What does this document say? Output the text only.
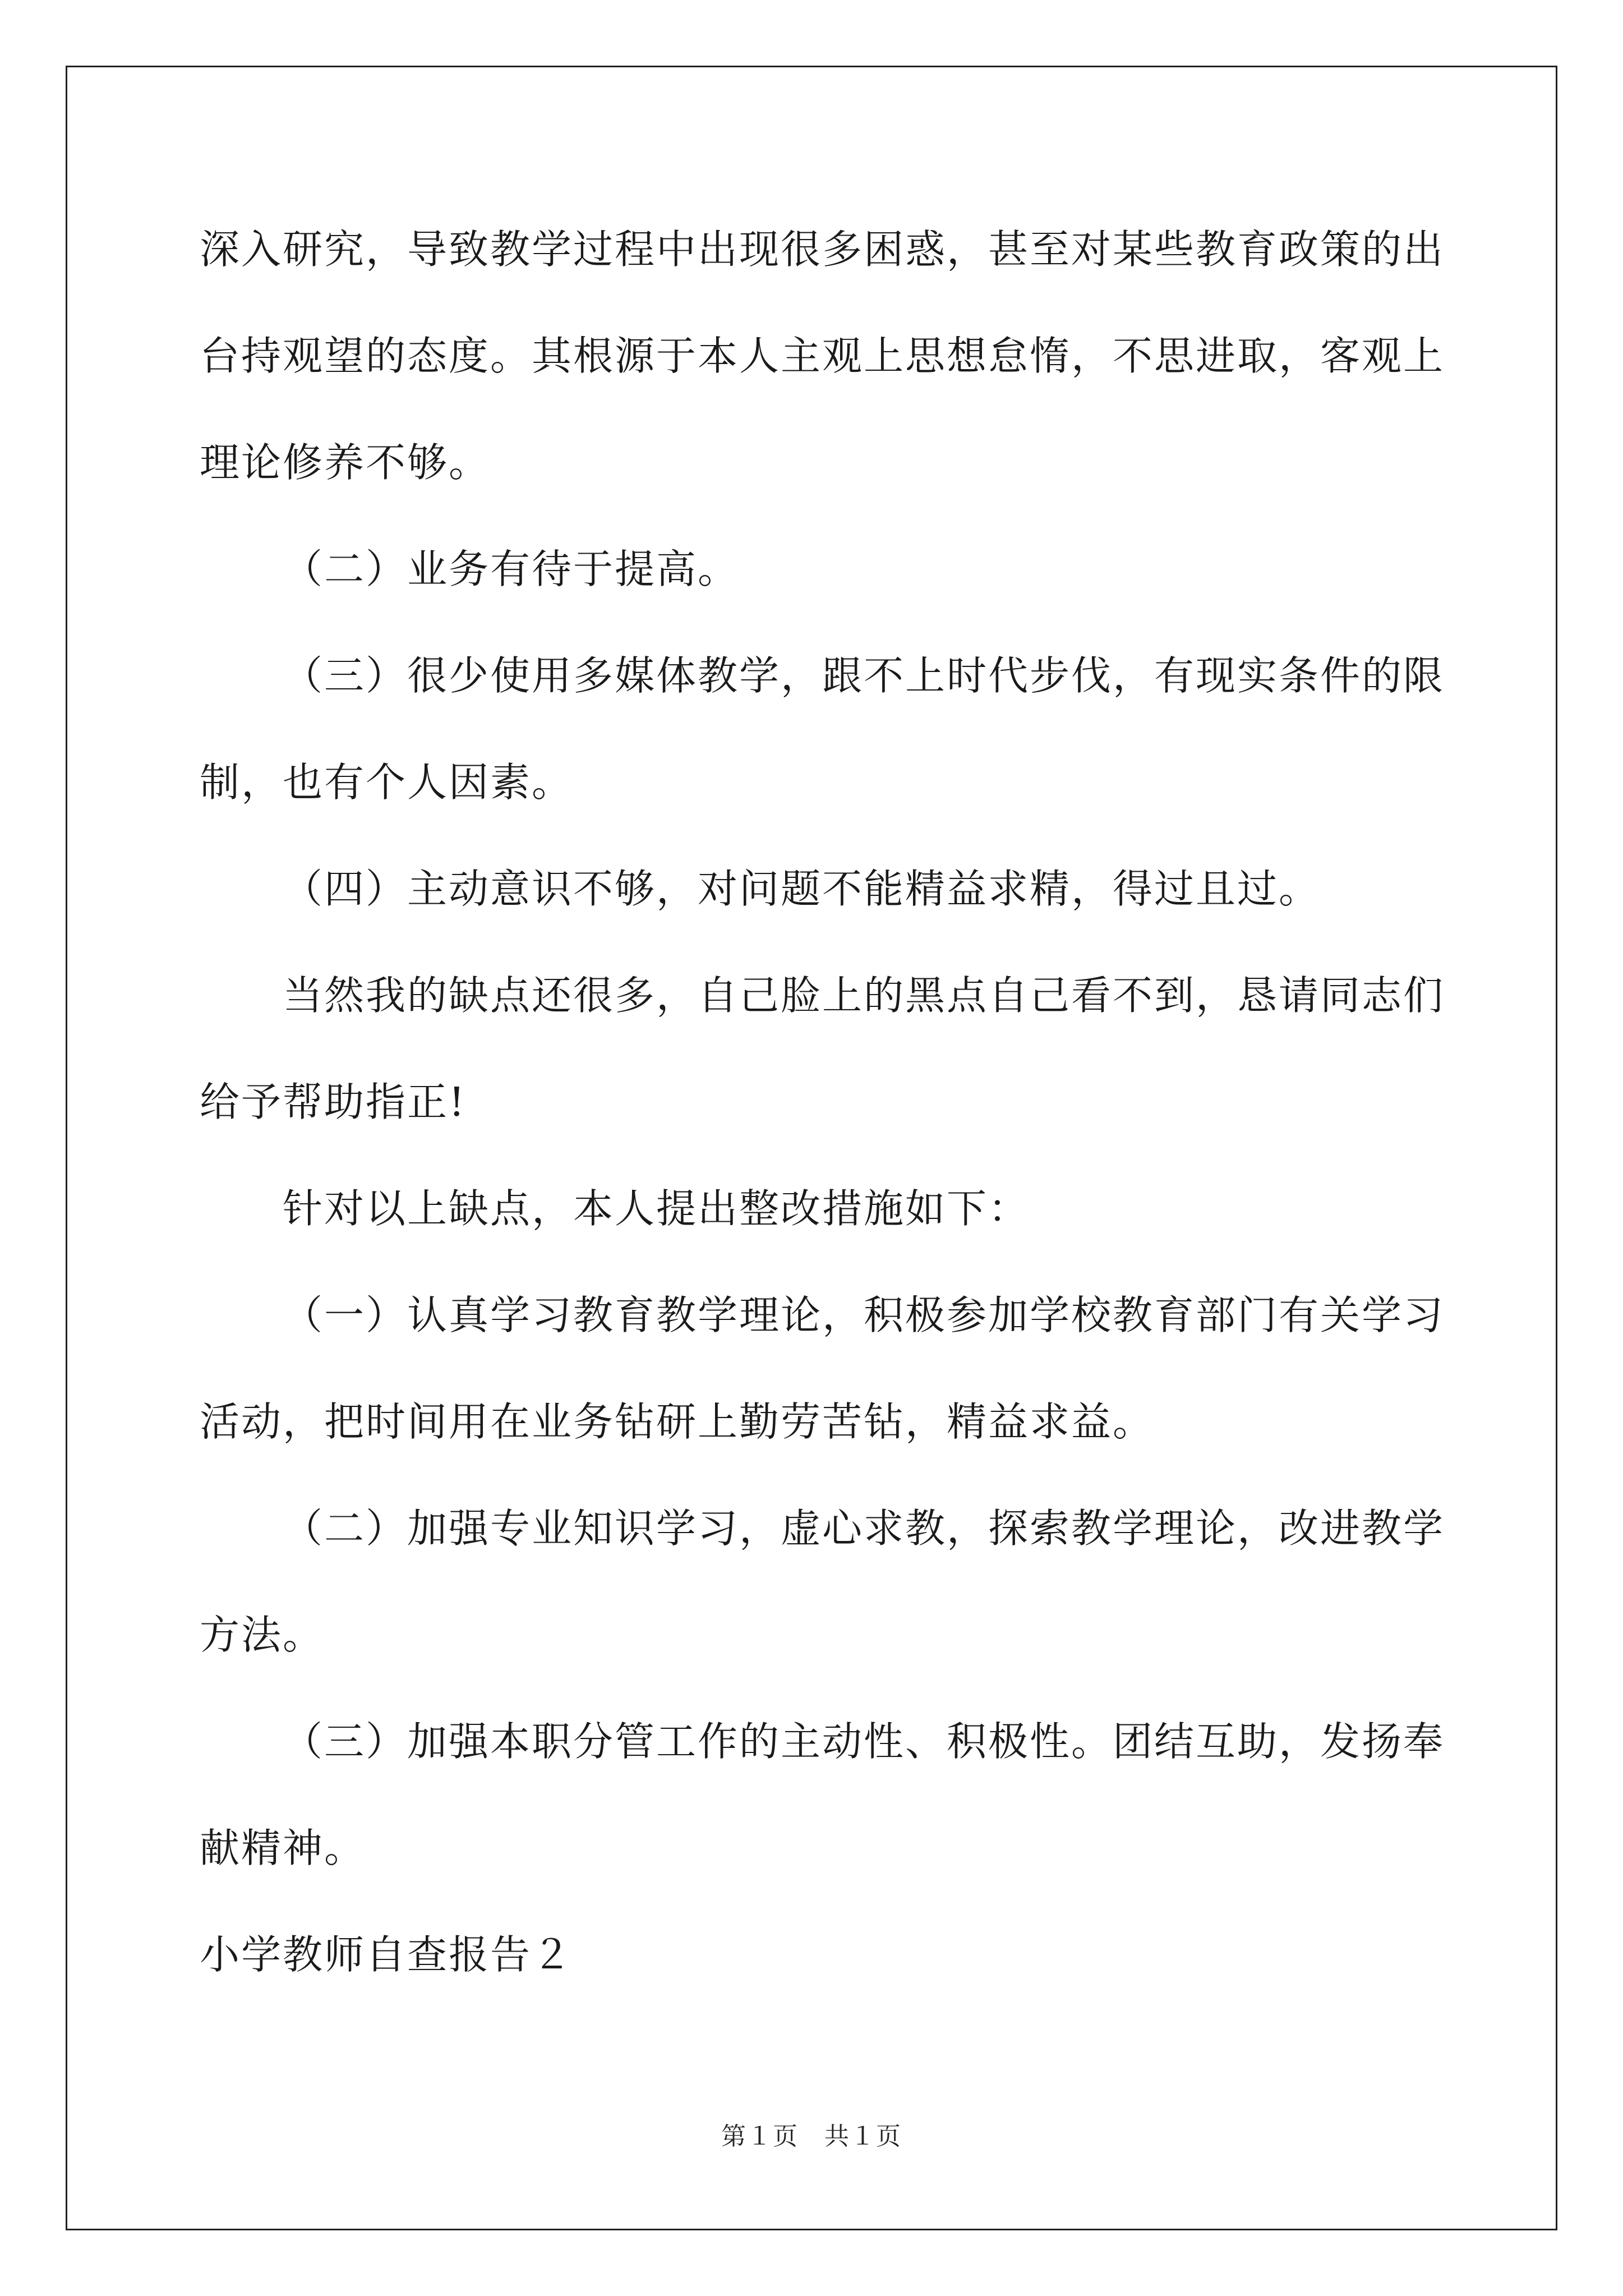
深入研究，导致教学过程中出现很多困惑，甚至对某些教育政策的出
台持观望的态度。其根源于本人主观上思想怠惰，不思进取，客观上
理论修养不够。
（二）业务有待于提高。
（三）很少使用多媒体教学，跟不上时代步伐，有现实条件的限
制，也有个人因素。
（四）主动意识不够，对问题不能精益求精，得过且过。
当然我的缺点还很多，自己脸上的黑点自己看不到，恳请同志们
给予帮助指正!
针对以上缺点，本人提出整改措施如下：
（一）认真学习教育教学理论，积极参加学校教育部门有关学习
活动，把时间用在业务钻研上勤劳苦钻，精益求益。
（二）加强专业知识学习，虚心求教，探索教学理论，改进教学
方法。
（三）加强本职分管工作的主动性、积极性。团结互助，发扬奉
献精神。
小学教师自查报告２
第１页　共１页
